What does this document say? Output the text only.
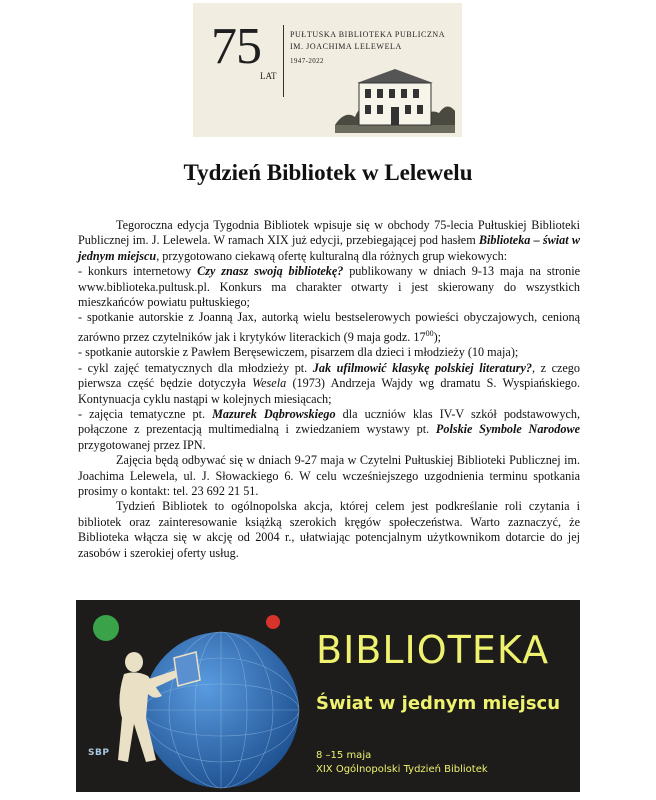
75
LAT
PUŁTUSKA BIBLIOTEKA PUBLICZNA
IM. JOACHIMA LELEWELA
1947-2022
Tydzień Bibliotek w Lelewelu

Tegoroczna edycja Tygodnia Bibliotek wpisuje się w obchody 75-lecia Pułtuskiej Biblioteki Publicznej im. J. Lelewela. W ramach XIX już edycji, przebiegającej pod hasłem Biblioteka – świat w jednym miejscu, przygotowano ciekawą ofertę kulturalną dla różnych grup wiekowych:

- konkurs internetowy Czy znasz swoją bibliotekę? publikowany w dniach 9-13 maja na stronie www.biblioteka.pultusk.pl. Konkurs ma charakter otwarty i jest skierowany do wszystkich mieszkańców powiatu pułtuskiego;

- spotkanie autorskie z Joanną Jax, autorką wielu bestselerowych powieści obyczajowych, cenioną zarówno przez czytelników jak i krytyków literackich (9 maja godz. $17^{00}$);

- spotkanie autorskie z Pawłem Beręsewiczem, pisarzem dla dzieci i młodzieży (10 maja);

- cykl zajęć tematycznych dla młodzieży pt. Jak ufilmowić klasykę polskiej literatury?, z czego pierwsza część będzie dotyczyła Wesela (1973) Andrzeja Wajdy wg dramatu S. Wyspiańskiego. Kontynuacja cyklu nastąpi w kolejnych miesiącach;

- zajęcia tematyczne pt. Mazurek Dąbrowskiego dla uczniów klas IV-V szkół podstawowych, połączone z prezentacją multimedialną i zwiedzaniem wystawy pt. Polskie Symbole Narodowe przygotowanej przez IPN.

Zajęcia będą odbywać się w dniach 9-27 maja w Czytelni Pułtuskiej Biblioteki Publicznej im. Joachima Lelewela, ul. J. Słowackiego 6. W celu wcześniejszego uzgodnienia terminu spotkania prosimy o kontakt: tel. 23 692 21 51.

Tydzień Bibliotek to ogólnopolska akcja, której celem jest podkreślanie roli czytania i bibliotek oraz zainteresowanie książką szerokich kręgów społeczeństwa. Warto zaznaczyć, że Biblioteka włącza się w akcję od 2004 r., ułatwiając potencjalnym użytkownikom dotarcie do jej zasobów i szerokiej oferty usług.

BIBLIOTEKA
Świat w jednym miejscu
8 –15 maja
XIX Ogólnopolski Tydzień Bibliotek
SBP
